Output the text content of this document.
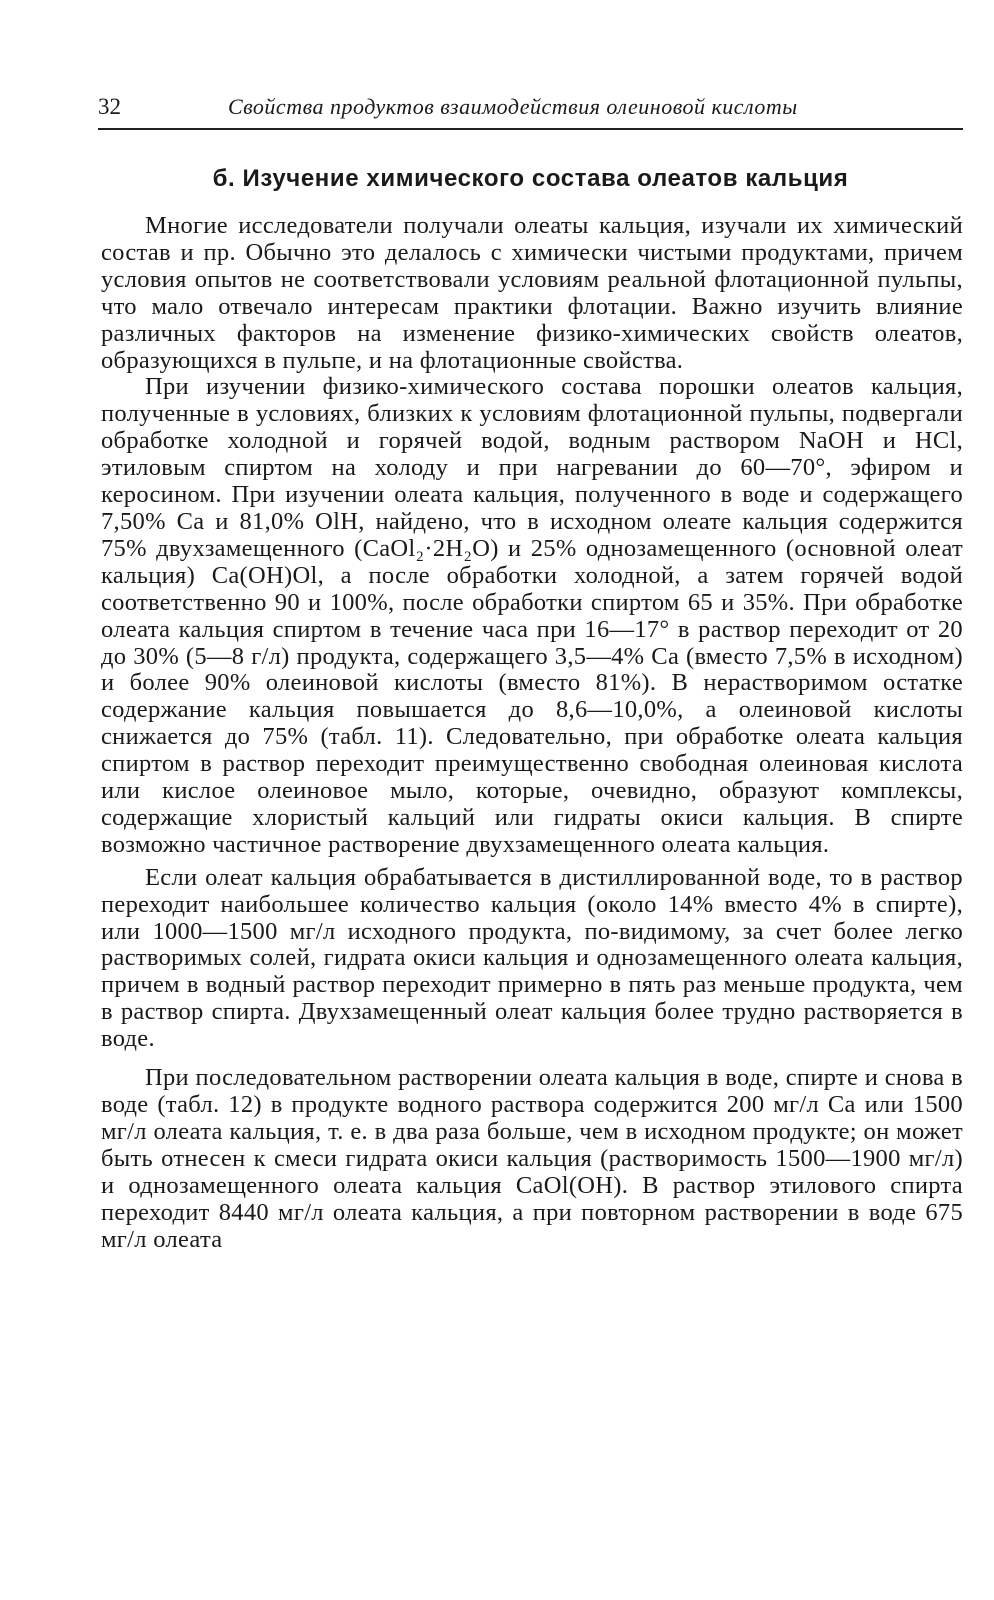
32	Свойства продуктов взаимодействия олеиновой кислоты
б. Изучение химического состава олеатов кальция

Многие исследователи получали олеаты кальция, изучали их химический состав и пр. Обычно это делалось с химически чистыми продуктами, причем условия опытов не соответствовали условиям реальной флотационной пульпы, что мало отвечало интересам практики флотации. Важно изучить влияние различных факторов на изменение физико-химических свойств олеатов, образующихся в пульпе, и на флотационные свойства.

При изучении физико-химического состава порошки олеатов кальция, полученные в условиях, близких к условиям флотационной пульпы, подвергали обработке холодной и горячей водой, водным раствором NaOH и HCl, этиловым спиртом на холоду и при нагревании до 60—70°, эфиром и керосином. При изучении олеата кальция, полученного в воде и содержащего 7,50% Ca и 81,0% OlH, найдено, что в исходном олеате кальция содержится 75% двухзамещенного (CaOl₂·2H₂O) и 25% однозамещенного (основной олеат кальция) Ca(OH)Ol, а после обработки холодной, а затем горячей водой соответственно 90 и 100%, после обработки спиртом 65 и 35%. При обработке олеата кальция спиртом в течение часа при 16—17° в раствор переходит от 20 до 30% (5—8 г/л) продукта, содержащего 3,5—4% Ca (вместо 7,5% в исходном) и более 90% олеиновой кислоты (вместо 81%). В нерастворимом остатке содержание кальция повышается до 8,6—10,0%, а олеиновой кислоты снижается до 75% (табл. 11). Следовательно, при обработке олеата кальция спиртом в раствор переходит преимущественно свободная олеиновая кислота или кислое олеиновое мыло, которые, очевидно, образуют комплексы, содержащие хлористый кальций или гидраты окиси кальция. В спирте возможно частичное растворение двухзамещенного олеата кальция.

Если олеат кальция обрабатывается в дистиллированной воде, то в раствор переходит наибольшее количество кальция (около 14% вместо 4% в спирте), или 1000—1500 мг/л исходного продукта, по-видимому, за счет более легко растворимых солей, гидрата окиси кальция и однозамещенного олеата кальция, причем в водный раствор переходит примерно в пять раз меньше продукта, чем в раствор спирта. Двухзамещенный олеат кальция более трудно растворяется в воде.

При последовательном растворении олеата кальция в воде, спирте и снова в воде (табл. 12) в продукте водного раствора содержится 200 мг/л Ca или 1500 мг/л олеата кальция, т. е. в два раза больше, чем в исходном продукте; он может быть отнесен к смеси гидрата окиси кальция (растворимость 1500—1900 мг/л) и однозамещенного олеата кальция CaOl(OH). В раствор этилового спирта переходит 8440 мг/л олеата кальция, а при повторном растворении в воде 675 мг/л олеата
